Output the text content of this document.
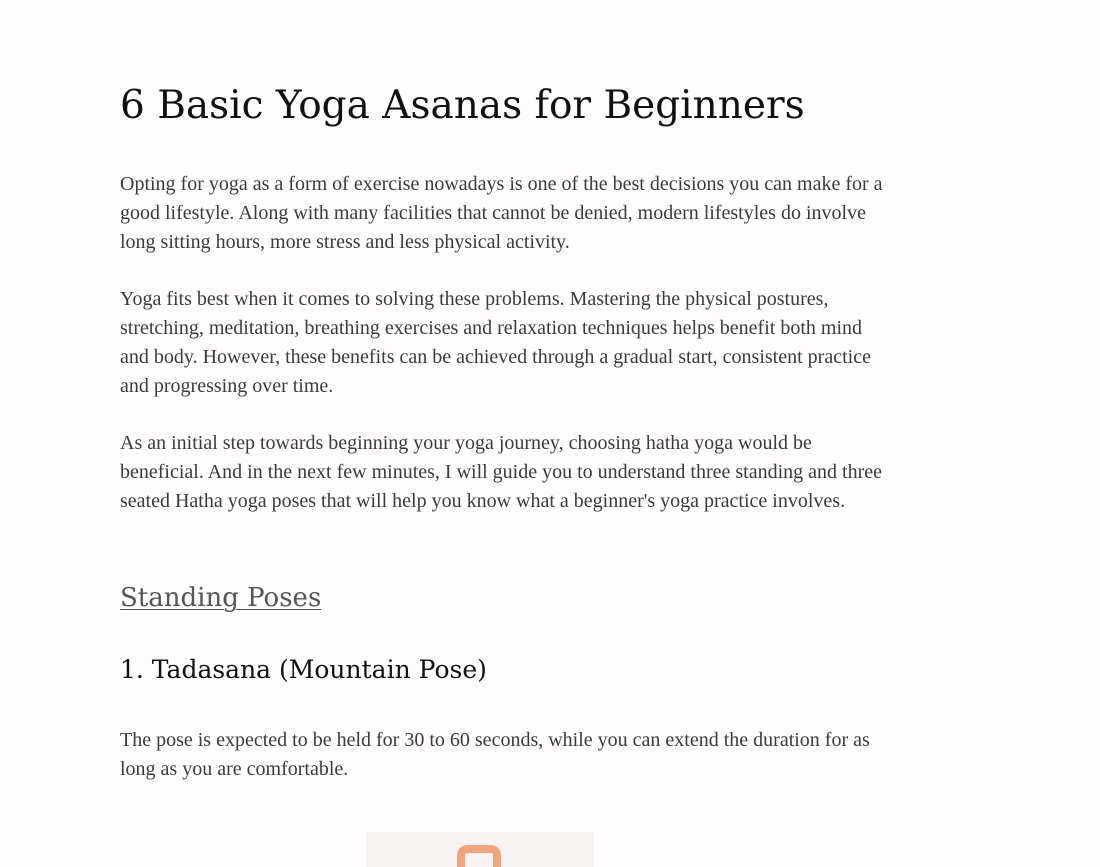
6 Basic Yoga Asanas for Beginners

Opting for yoga as a form of exercise nowadays is one of the best decisions you can make for a good lifestyle. Along with many facilities that cannot be denied, modern lifestyles do involve long sitting hours, more stress and less physical activity.

Yoga fits best when it comes to solving these problems. Mastering the physical postures, stretching, meditation, breathing exercises and relaxation techniques helps benefit both mind and body. However, these benefits can be achieved through a gradual start, consistent practice and progressing over time.

As an initial step towards beginning your yoga journey, choosing hatha yoga would be beneficial. And in the next few minutes, I will guide you to understand three standing and three seated Hatha yoga poses that will help you know what a beginner's yoga practice involves.

Standing Poses
1. Tadasana (Mountain Pose)

The pose is expected to be held for 30 to 60 seconds, while you can extend the duration for as long as you are comfortable.
